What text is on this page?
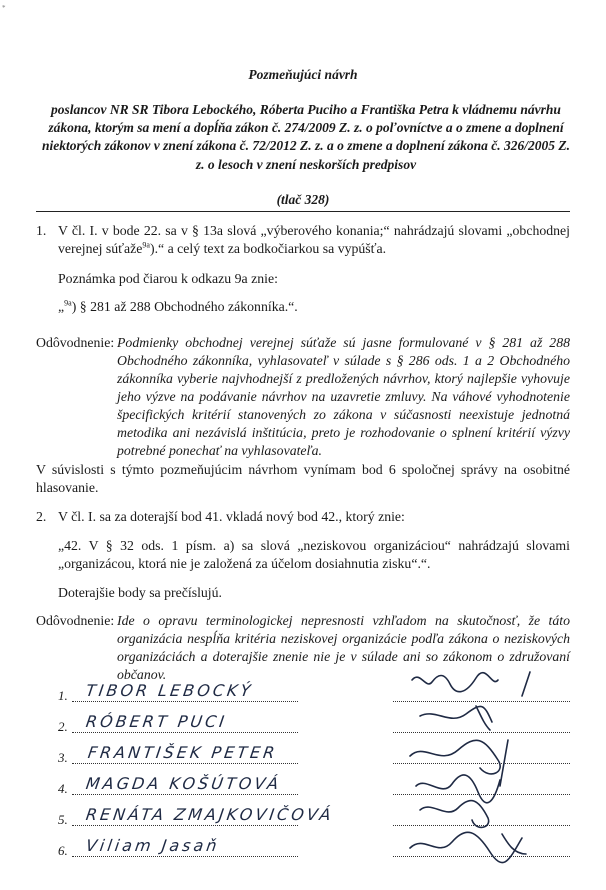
*
Pozmeňujúci návrh
poslancov NR SR Tibora Lebockého, Róberta Puciho a Františka Petra k vládnemu návrhu zákona, ktorým sa mení a dopĺňa zákon č. 274/2009 Z. z. o poľovníctve a o zmene a doplnení niektorých zákonov v znení zákona č. 72/2012 Z. z. a o zmene a doplnení zákona č. 326/2005 Z. z. o lesoch v znení neskorších predpisov
(tlač 328)
1. V čl. I. v bode 22. sa v § 13a slová „výberového konania;“ nahrádzajú slovami „obchodnej verejnej súťaže$^{9a}$).“ a celý text za bodkočiarkou sa vypúšťa.
Poznámka pod čiarou k odkazu 9a znie:
„$^{9a}$) § 281 až 288 Obchodného zákonníka.“.
Odôvodnenie: Podmienky obchodnej verejnej súťaže sú jasne formulované v § 281 až 288 Obchodného zákonníka, vyhlasovateľ v súlade s § 286 ods. 1 a 2 Obchodného zákonníka vyberie najvhodnejší z predložených návrhov, ktorý najlepšie vyhovuje jeho výzve na podávanie návrhov na uzavretie zmluvy. Na váhové vyhodnotenie špecifických kritérií stanovených zo zákona v súčasnosti neexistuje jednotná metodika ani nezávislá inštitúcia, preto je rozhodovanie o splnení kritérií výzvy potrebné ponechať na vyhlasovateľa.
V súvislosti s týmto pozmeňujúcim návrhom vynímam bod 6 spoločnej správy na osobitné hlasovanie.
2. V čl. I. sa za doterajší bod 41. vkladá nový bod 42., ktorý znie:
„42. V § 32 ods. 1 písm. a) sa slová „neziskovou organizáciou“ nahrádzajú slovami „organizácou, ktorá nie je založená za účelom dosiahnutia zisku“.“.
Doterajšie body sa prečíslujú.
Odôvodnenie: Ide o opravu terminologickej nepresnosti vzhľadom na skutočnosť, že táto organizácia nespĺňa kritéria neziskovej organizácie podľa zákona o neziskových organizáciách a doterajšie znenie nie je v súlade ani so zákonom o združovaní občanov.
1. TIBOR LEBOCKÝ
2. RÓBERT PUCI
3. FRANTIŠEK PETER
4. MAGDA KOŠÚTOVÁ
5. RENÁTA ZMAJKOVIČOVÁ
6. Viliam Jasaň
